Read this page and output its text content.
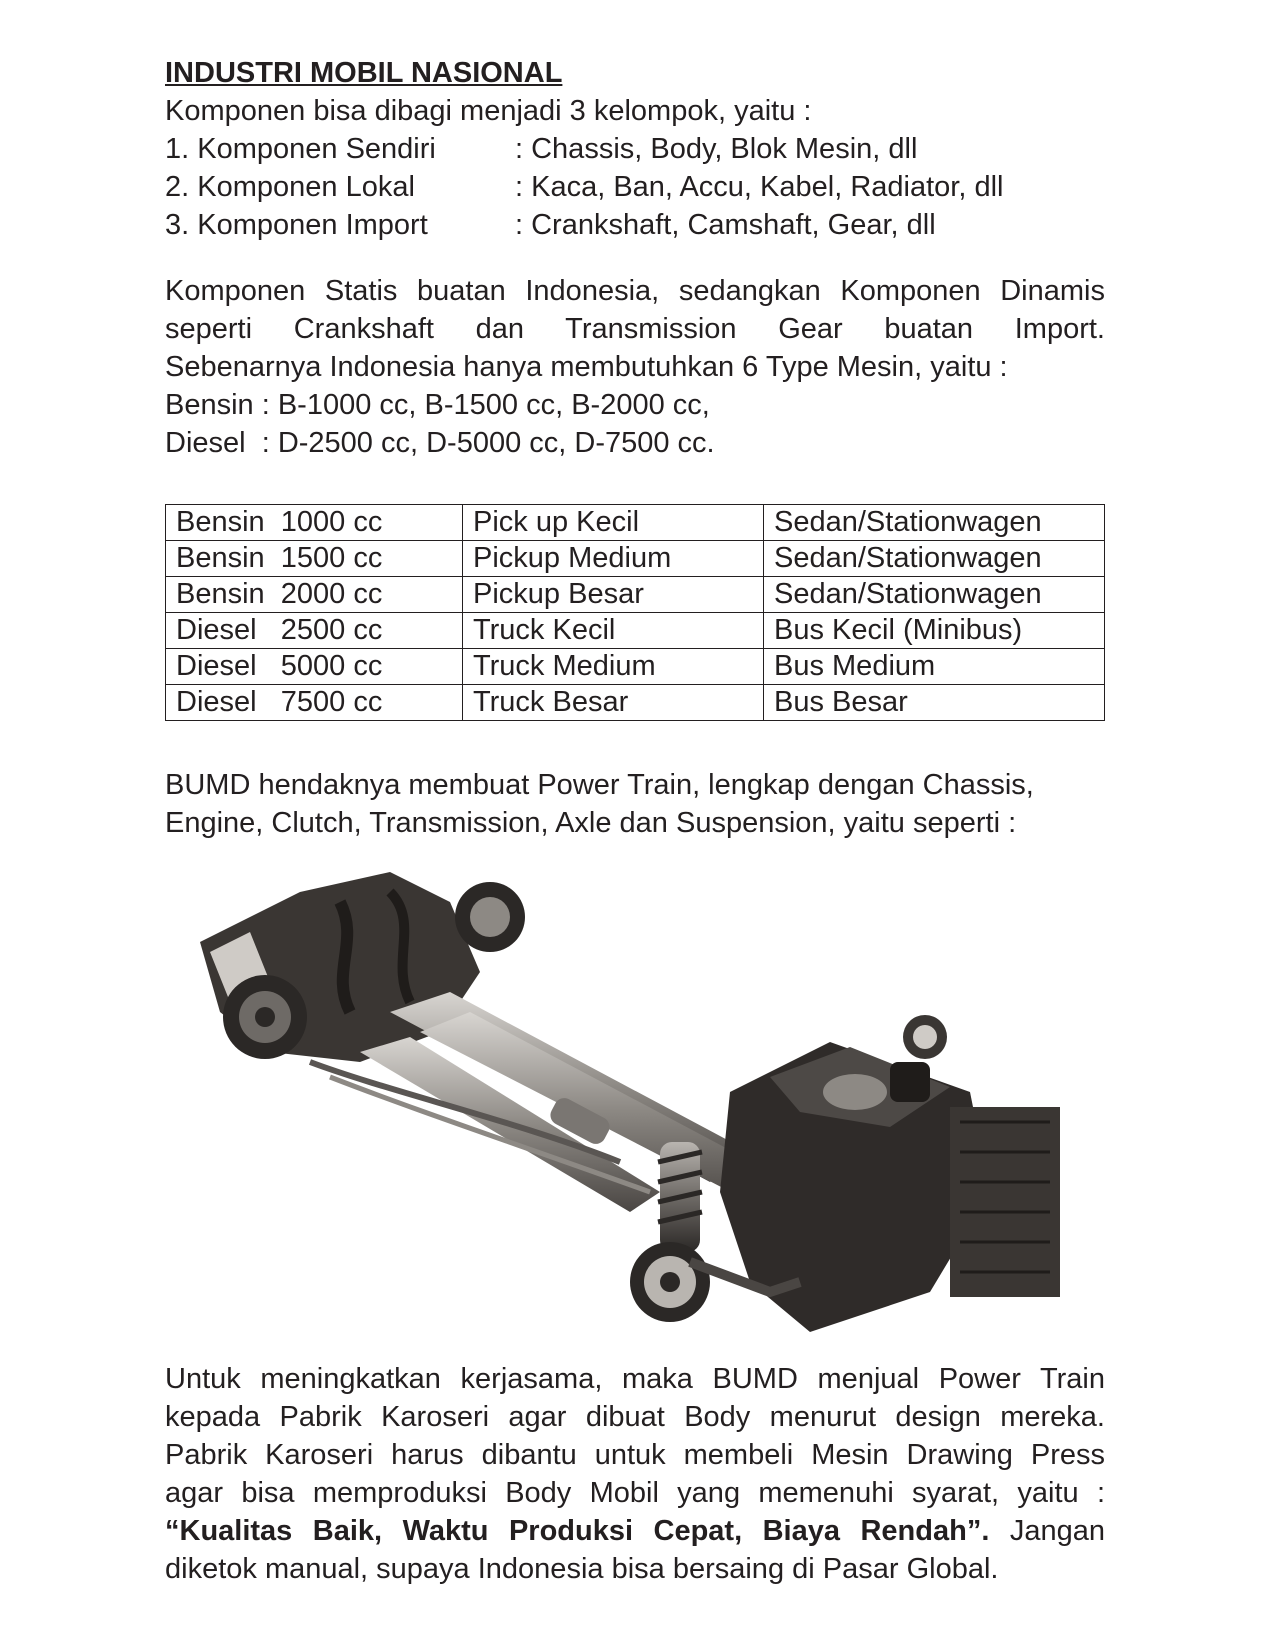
INDUSTRI MOBIL NASIONAL
Komponen bisa dibagi menjadi 3 kelompok, yaitu :
1. Komponen Sendiri	: Chassis, Body, Blok Mesin, dll
2. Komponen Lokal	: Kaca, Ban, Accu, Kabel, Radiator, dll
3. Komponen Import	: Crankshaft, Camshaft, Gear, dll
Komponen Statis buatan Indonesia, sedangkan Komponen Dinamis
seperti Crankshaft dan Transmission Gear buatan Import.
Sebenarnya Indonesia hanya membutuhkan 6 Type Mesin, yaitu :
Bensin : B-1000 cc, B-1500 cc, B-2000 cc,
Diesel  : D-2500 cc, D-5000 cc, D-7500 cc.
Bensin  1000 cc	Pick up Kecil	Sedan/Stationwagen
Bensin  1500 cc	Pickup Medium	Sedan/Stationwagen
Bensin  2000 cc	Pickup Besar	Sedan/Stationwagen
Diesel   2500 cc	Truck Kecil	Bus Kecil (Minibus)
Diesel   5000 cc	Truck Medium	Bus Medium
Diesel   7500 cc	Truck Besar	Bus Besar
BUMD hendaknya membuat Power Train, lengkap dengan Chassis,
Engine, Clutch, Transmission, Axle dan Suspension, yaitu seperti :
Untuk meningkatkan kerjasama, maka BUMD menjual Power Train
kepada Pabrik Karoseri agar dibuat Body menurut design mereka.
Pabrik Karoseri harus dibantu untuk membeli Mesin Drawing Press
agar bisa memproduksi Body Mobil yang memenuhi syarat, yaitu :
“Kualitas Baik, Waktu Produksi Cepat, Biaya Rendah”. Jangan
diketok manual, supaya Indonesia bisa bersaing di Pasar Global.
